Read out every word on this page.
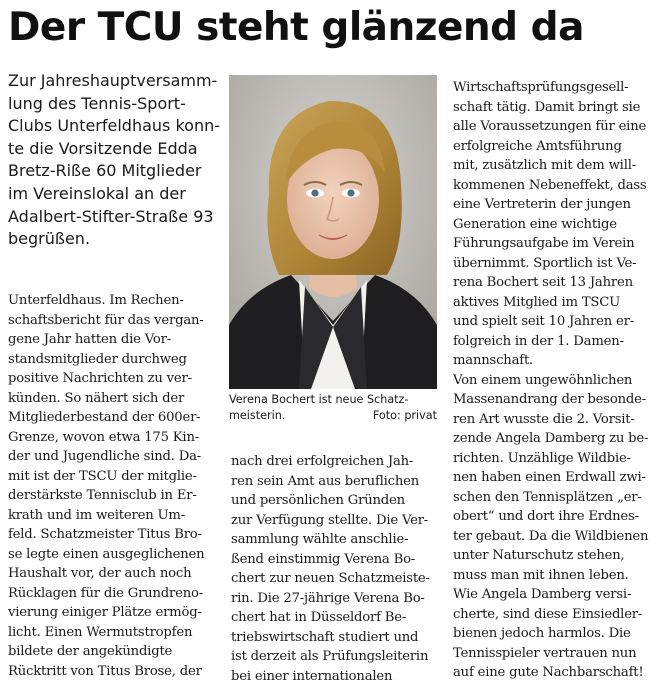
Der TCU steht glänzend da
Zur Jahreshauptversamm-
lung des Tennis-Sport-
Clubs Unterfeldhaus konn-
te die Vorsitzende Edda
Bretz-Riße 60 Mitglieder
im Vereinslokal an der
Adalbert-Stifter-Straße 93
begrüßen.
Unterfeldhaus. Im Rechen-
schaftsbericht für das vergan-
gene Jahr hatten die Vor-
standsmitglieder durchweg
positive Nachrichten zu ver-
künden. So nähert sich der
Mitgliederbestand der 600er-
Grenze, wovon etwa 175 Kin-
der und Jugendliche sind. Da-
mit ist der TSCU der mitglie-
derstärkste Tennisclub in Er-
krath und im weiteren Um-
feld. Schatzmeister Titus Bro-
se legte einen ausgeglichenen
Haushalt vor, der auch noch
Rücklagen für die Grundreno-
vierung einiger Plätze ermög-
licht. Einen Wermutstropfen
bildete der angekündigte
Rücktritt von Titus Brose, der
Verena Bochert ist neue Schatz-
meisterin.	Foto: privat
nach drei erfolgreichen Jah-
ren sein Amt aus beruflichen
und persönlichen Gründen
zur Verfügung stellte. Die Ver-
sammlung wählte anschlie-
ßend einstimmig Verena Bo-
chert zur neuen Schatzmeiste-
rin. Die 27-jährige Verena Bo-
chert hat in Düsseldorf Be-
triebswirtschaft studiert und
ist derzeit als Prüfungsleiterin
bei einer internationalen
Wirtschaftsprüfungsgesell-
schaft tätig. Damit bringt sie
alle Voraussetzungen für eine
erfolgreiche Amtsführung
mit, zusätzlich mit dem will-
kommenen Nebeneffekt, dass
eine Vertreterin der jungen
Generation eine wichtige
Führungsaufgabe im Verein
übernimmt. Sportlich ist Ve-
rena Bochert seit 13 Jahren
aktives Mitglied im TSCU
und spielt seit 10 Jahren er-
folgreich in der 1. Damen-
mannschaft.
Von einem ungewöhnlichen
Massenandrang der besonde-
ren Art wusste die 2. Vorsit-
zende Angela Damberg zu be-
richten. Unzählige Wildbie-
nen haben einen Erdwall zwi-
schen den Tennisplätzen „er-
obert“ und dort ihre Erdnes-
ter gebaut. Da die Wildbienen
unter Naturschutz stehen,
muss man mit ihnen leben.
Wie Angela Damberg versi-
cherte, sind diese Einsiedler-
bienen jedoch harmlos. Die
Tennisspieler vertrauen nun
auf eine gute Nachbarschaft!
